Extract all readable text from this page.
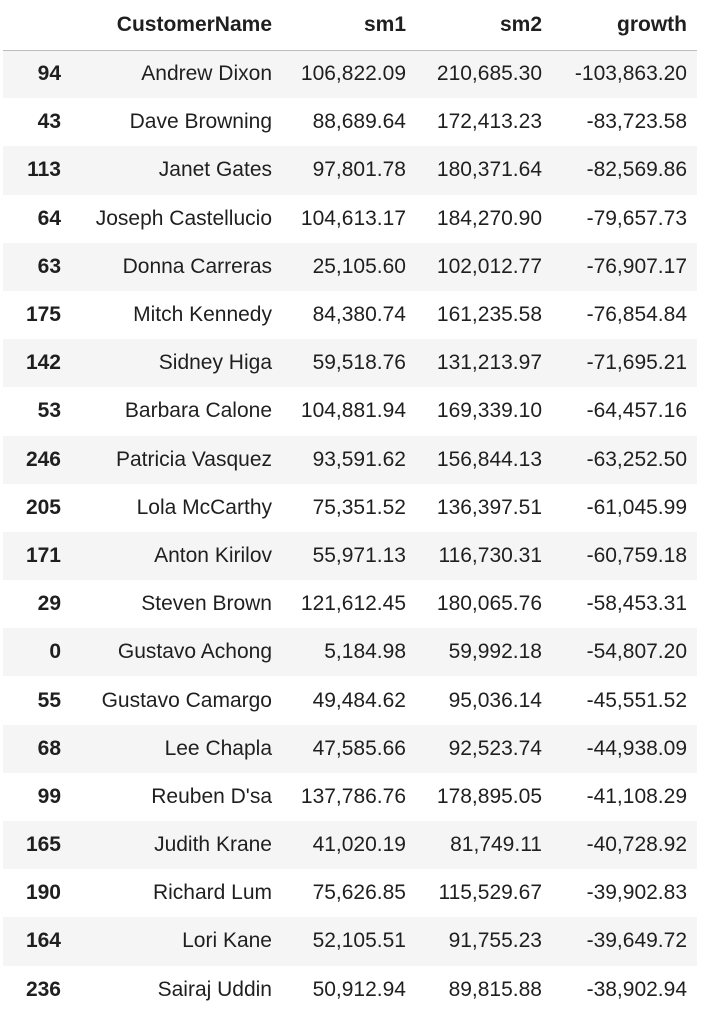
	CustomerName	sm1	sm2	growth
94	Andrew Dixon	106,822.09	210,685.30	-103,863.20
43	Dave Browning	88,689.64	172,413.23	-83,723.58
113	Janet Gates	97,801.78	180,371.64	-82,569.86
64	Joseph Castellucio	104,613.17	184,270.90	-79,657.73
63	Donna Carreras	25,105.60	102,012.77	-76,907.17
175	Mitch Kennedy	84,380.74	161,235.58	-76,854.84
142	Sidney Higa	59,518.76	131,213.97	-71,695.21
53	Barbara Calone	104,881.94	169,339.10	-64,457.16
246	Patricia Vasquez	93,591.62	156,844.13	-63,252.50
205	Lola McCarthy	75,351.52	136,397.51	-61,045.99
171	Anton Kirilov	55,971.13	116,730.31	-60,759.18
29	Steven Brown	121,612.45	180,065.76	-58,453.31
0	Gustavo Achong	5,184.98	59,992.18	-54,807.20
55	Gustavo Camargo	49,484.62	95,036.14	-45,551.52
68	Lee Chapla	47,585.66	92,523.74	-44,938.09
99	Reuben D'sa	137,786.76	178,895.05	-41,108.29
165	Judith Krane	41,020.19	81,749.11	-40,728.92
190	Richard Lum	75,626.85	115,529.67	-39,902.83
164	Lori Kane	52,105.51	91,755.23	-39,649.72
236	Sairaj Uddin	50,912.94	89,815.88	-38,902.94
